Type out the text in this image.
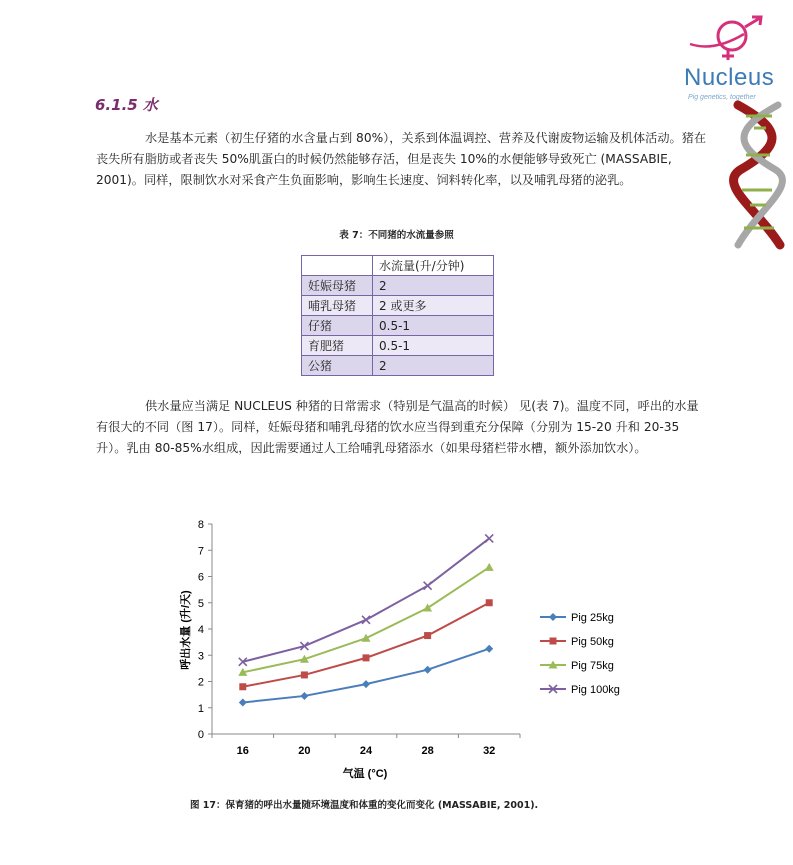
Nucleus
Pig genetics, together
6.1.5 水
水是基本元素（初生仔猪的水含量占到 80%），关系到体温调控、营养及代谢废物运输及机体活动。猪在丧失所有脂肪或者丧失 50%肌蛋白的时候仍然能够存活，但是丧失 10%的水便能够导致死亡 (MASSABIE, 2001)。同样，限制饮水对采食产生负面影响，影响生长速度、饲料转化率，以及哺乳母猪的泌乳。
表 7：不同猪的水流量参照
	水流量(升/分钟)
妊娠母猪	2
哺乳母猪	2 或更多
仔猪	0.5-1
育肥猪	0.5-1
公猪	2
供水量应当满足 NUCLEUS 种猪的日常需求（特别是气温高的时候） 见(表 7)。温度不同，呼出的水量有很大的不同（图 17）。同样，妊娠母猪和哺乳母猪的饮水应当得到重充分保障（分别为 15-20 升和 20-35 升）。乳由 80-85%水组成，因此需要通过人工给哺乳母猪添水（如果母猪栏带水槽，额外添加饮水）。
0
1
2
3
4
5
6
7
8
16	20	24	28	32
Pig 25kg
Pig 50kg
Pig 75kg
Pig 100kg
气温 (°C)
呼出水量 (升/天)
图 17：保育猪的呼出水量随环境温度和体重的变化而变化 (MASSABIE, 2001).
